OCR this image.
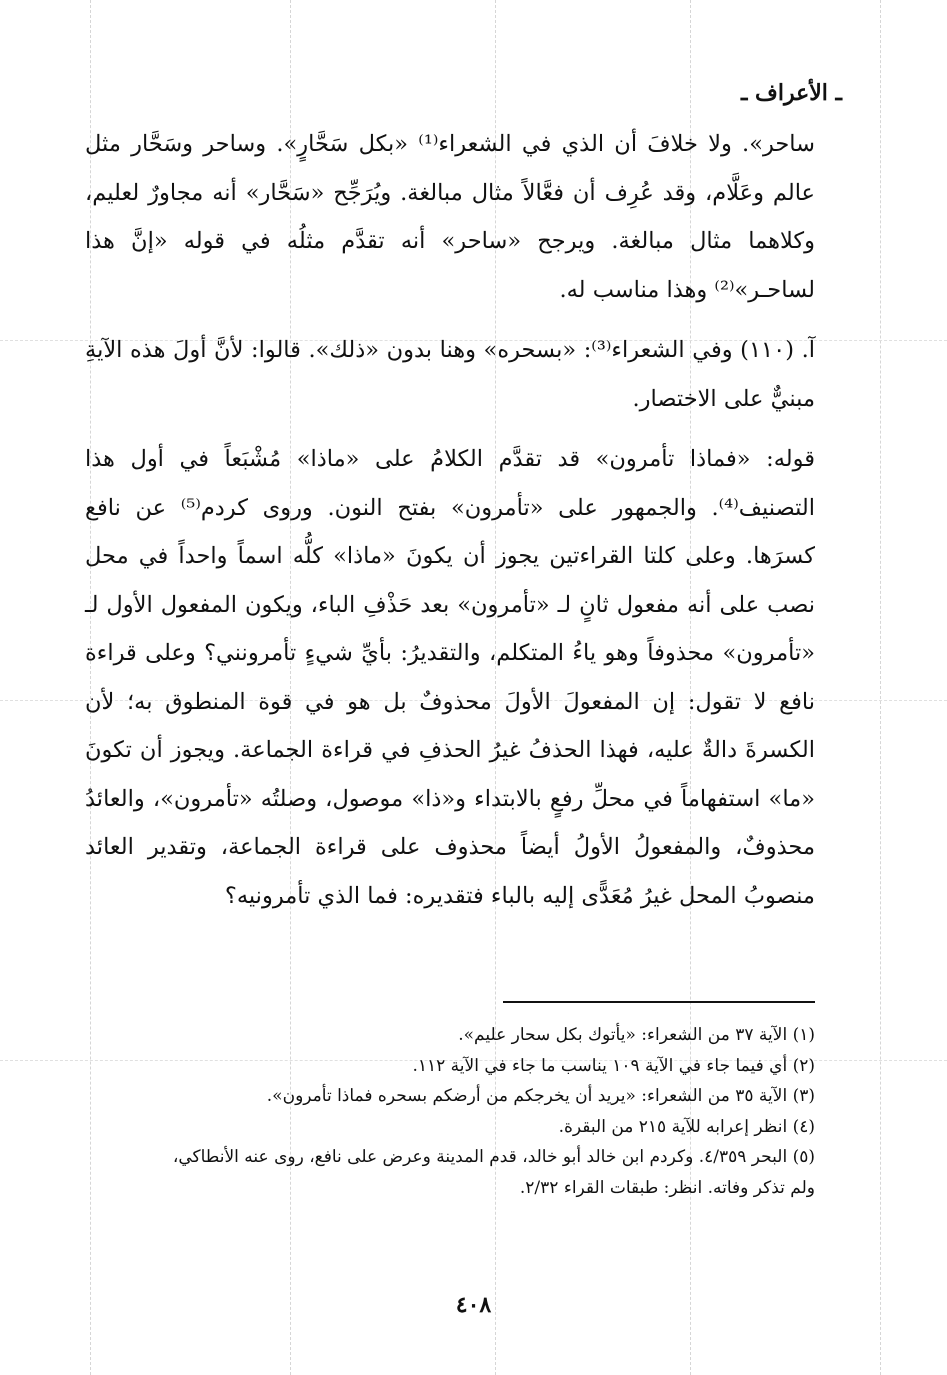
ـ الأعراف ـ

ساحر». ولا خلافَ أن الذي في الشعراء⁽¹⁾ «بكل سَحَّارٍ». وساحر وسَحَّار مثل عالم وعَلَّام، وقد عُرِف أن فعَّالاً مثال مبالغة. ويُرَجِّح «سَحَّار» أنه مجاورٌ لعليم، وكلاهما مثال مبالغة. ويرجح «ساحر» أنه تقدَّم مثلُه في قوله «إنَّ هذا لساحـر»⁽²⁾ وهذا مناسب له.

آ. (١١٠) وفي الشعراء⁽³⁾: «بسحره» وهنا بدون «ذلك». قالوا: لأنَّ أولَ هذه الآيةِ مبنيٌّ على الاختصار.

قوله: «فماذا تأمرون» قد تقدَّم الكلامُ على «ماذا» مُشْبَعاً في أول هذا التصنيف⁽⁴⁾. والجمهور على «تأمرون» بفتح النون. وروى كردم⁽⁵⁾ عن نافع كسرَها. وعلى كلتا القراءتين يجوز أن يكونَ «ماذا» كلُّه اسماً واحداً في محل نصب على أنه مفعول ثانٍ لـ «تأمرون» بعد حَذْفِ الباء، ويكون المفعول الأول لـ «تأمرون» محذوفاً وهو ياءُ المتكلم، والتقديرُ: بأيِّ شيءٍ تأمرونني؟ وعلى قراءة نافع لا تقول: إن المفعولَ الأولَ محذوفٌ بل هو في قوة المنطوق به؛ لأن الكسرةَ دالةٌ عليه، فهذا الحذفُ غيرُ الحذفِ في قراءة الجماعة. ويجوز أن تكونَ «ما» استفهاماً في محلِّ رفعٍ بالابتداء و«ذا» موصول، وصلتُه «تأمرون»، والعائدُ محذوفٌ، والمفعولُ الأولُ أيضاً محذوف على قراءة الجماعة، وتقدير العائد منصوبُ المحل غيرُ مُعَدًّى إليه بالباء فتقديره: فما الذي تأمرونيه؟

(١) الآية ٣٧ من الشعراء: «يأتوك بكل سحار عليم».

(٢) أي فيما جاء في الآية ١٠٩ يناسب ما جاء في الآية ١١٢.

(٣) الآية ٣٥ من الشعراء: «يريد أن يخرجكم من أرضكم بسحره فماذا تأمرون».

(٤) انظر إعرابه للآية ٢١٥ من البقرة.

(٥) البحر ٤/٣٥٩. وكردم ابن خالد أبو خالد، قدم المدينة وعرض على نافع، روى عنه الأنطاكي، ولم تذكر وفاته. انظر: طبقات القراء ٢/٣٢.

٤٠٨
